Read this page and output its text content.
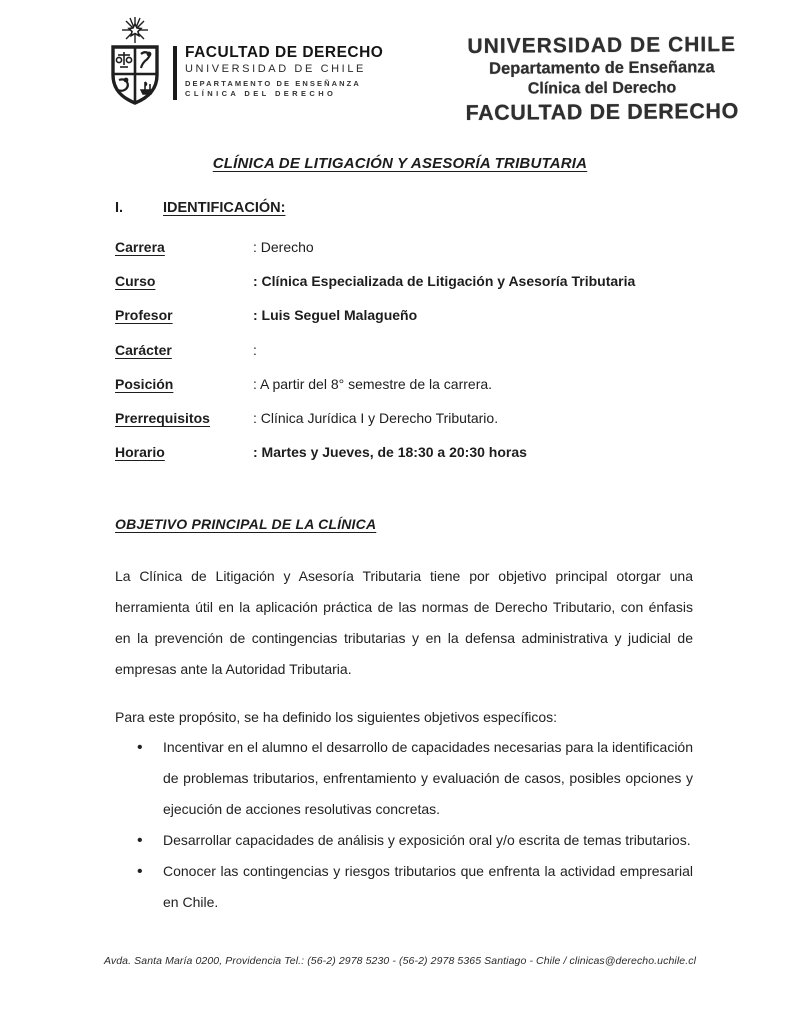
FACULTAD DE DERECHO
UNIVERSIDAD DE CHILE
DEPARTAMENTO DE ENSEÑANZA
CLÍNICA DEL DERECHO
UNIVERSIDAD DE CHILE
Departamento de Enseñanza
Clínica del Derecho
FACULTAD DE DERECHO
CLÍNICA DE LITIGACIÓN Y ASESORÍA TRIBUTARIA
I.	IDENTIFICACIÓN:
Carrera	: Derecho
Curso	: Clínica Especializada de Litigación y Asesoría Tributaria
Profesor	: Luis Seguel Malagueño
Carácter	:
Posición	: A partir del 8° semestre de la carrera.
Prerrequisitos	: Clínica Jurídica I y Derecho Tributario.
Horario	: Martes y Jueves, de 18:30 a 20:30 horas
OBJETIVO PRINCIPAL DE LA CLÍNICA
La Clínica de Litigación y Asesoría Tributaria tiene por objetivo principal otorgar una herramienta útil en la aplicación práctica de las normas de Derecho Tributario, con énfasis en la prevención de contingencias tributarias y en la defensa administrativa y judicial de empresas ante la Autoridad Tributaria.
Para este propósito, se ha definido los siguientes objetivos específicos:
• Incentivar en el alumno el desarrollo de capacidades necesarias para la identificación de problemas tributarios, enfrentamiento y evaluación de casos, posibles opciones y ejecución de acciones resolutivas concretas.
• Desarrollar capacidades de análisis y exposición oral y/o escrita de temas tributarios.
• Conocer las contingencias y riesgos tributarios que enfrenta la actividad empresarial en Chile.
Avda. Santa María 0200, Providencia Tel.: (56-2) 2978 5230 - (56-2) 2978 5365 Santiago - Chile / clinicas@derecho.uchile.cl
